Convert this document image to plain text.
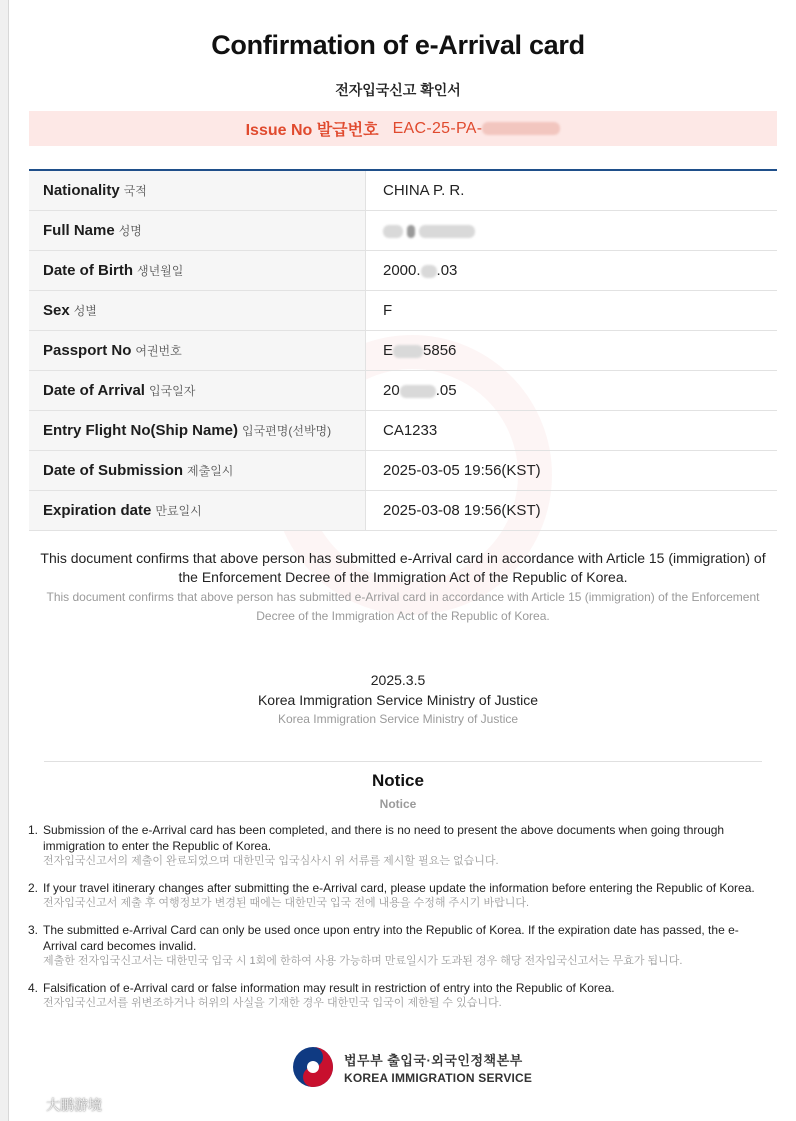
Confirmation of e-Arrival card
전자입국신고 확인서
Issue No 발급번호 EAC-25-PA-
Nationality 국적	CHINA P. R.
Full Name 성명	
Date of Birth 생년월일	2000. .03
Sex 성별	F
Passport No 여권번호	E 5856
Date of Arrival 입국일자	20 .05
Entry Flight No(Ship Name) 입국편명(선박명)	CA1233
Date of Submission 제출일시	2025-03-05 19:56(KST)
Expiration date 만료일시	2025-03-08 19:56(KST)
This document confirms that above person has submitted e-Arrival card in accordance with Article 15 (immigration) of the Enforcement Decree of the Immigration Act of the Republic of Korea.
This document confirms that above person has submitted e-Arrival card in accordance with Article 15 (immigration) of the Enforcement Decree of the Immigration Act of the Republic of Korea.
2025.3.5
Korea Immigration Service Ministry of Justice
Korea Immigration Service Ministry of Justice
Notice
Notice
1. Submission of the e-Arrival card has been completed, and there is no need to present the above documents when going through immigration to enter the Republic of Korea.
전자입국신고서의 제출이 완료되었으며 대한민국 입국심사시 위 서류를 제시할 필요는 없습니다.
2. If your travel itinerary changes after submitting the e-Arrival card, please update the information before entering the Republic of Korea.
전자입국신고서 제출 후 여행정보가 변경된 때에는 대한민국 입국 전에 내용을 수정해 주시기 바랍니다.
3. The submitted e-Arrival Card can only be used once upon entry into the Republic of Korea. If the expiration date has passed, the e-Arrival card becomes invalid.
제출한 전자입국신고서는 대한민국 입국 시 1회에 한하여 사용 가능하며 만료일시가 도과된 경우 해당 전자입국신고서는 무효가 됩니다.
4. Falsification of e-Arrival card or false information may result in restriction of entry into the Republic of Korea.
전자입국신고서를 위변조하거나 허위의 사실을 기재한 경우 대한민국 입국이 제한될 수 있습니다.
법무부 출입국·외국인정책본부
KOREA IMMIGRATION SERVICE
大鹏游境
